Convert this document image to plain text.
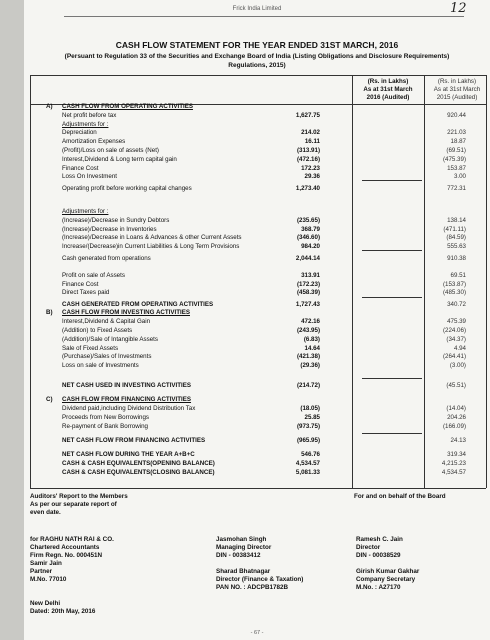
Frick India Limited	12
CASH FLOW STATEMENT FOR THE YEAR ENDED 31ST MARCH, 2016
(Persuant to Regulation 33 of the Securities and Exchange Board of India (Listing Obligations and Disclosure Requirements)
Regulations, 2015)
(Rs. in Lakhs)
As at 31st March
2016 (Audited)
(Rs. in Lakhs)
As at 31st March
2015 (Audited)
A)
B)
C)
CASH FLOW FROM OPERATING ACTIVITIES
Net profit before tax	1,627.75	920.44
Adjustments for :
Depreciation	214.02	221.03
Amortization Expenses	16.11	18.87
(Profit)/Loss on sale of assets (Net)	(313.91)	(69.51)
Interest,Dividend & Long term capital gain	(472.16)	(475.39)
Finance Cost	172.23	153.87
Loss On Investment	29.36	3.00
Operating profit before working capital changes	1,273.40	772.31
Adjustments for :
(Increase)/Decrease in Sundry Debtors	(235.65)	138.14
(Increase)/Decrease in Inventories	368.79	(471.11)
(Increase)/Decrease in Loans & Advances & other Current Assets	(346.60)	(84.59)
Increase/(Decrease)in Current Liabilities & Long Term Provisions	984.20	555.63
Cash generated from operations	2,044.14	910.38
Profit on sale of Assets	313.91	69.51
Finance Cost	(172.23)	(153.87)
Direct Taxes paid	(458.39)	(485.30)
CASH GENERATED FROM OPERATING ACTIVITIES	1,727.43	340.72
CASH FLOW FROM INVESTING ACTIVITIES
Interest,Dividend & Capital Gain	472.16	475.39
(Addition) to Fixed Assets	(243.95)	(224.06)
(Addition)/Sale of Intangible Assets	(6.83)	(34.37)
Sale of Fixed Assets	14.64	4.94
(Purchase)/Sales of Investments	(421.38)	(264.41)
Loss on sale of Investments	(29.36)	(3.00)
NET CASH USED IN INVESTING ACTIVITIES	(214.72)	(45.51)
CASH FLOW FROM FINANCING ACTIVITIES
Dividend paid,including Dividend Distribution Tax	(18.05)	(14.04)
Proceeds from New Borrowings	25.85	204.26
Re-payment of Bank Borrowing	(973.75)	(166.09)
NET CASH FLOW FROM FINANCING ACTIVITIES	(965.95)	24.13
NET CASH FLOW DURING THE YEAR A+B+C	546.76	319.34
CASH & CASH EQUIVALENTS(OPENING BALANCE)	4,534.57	4,215.23
CASH & CASH EQUIVALENTS(CLOSING BALANCE)	5,081.33	4,534.57
Auditors' Report to the Members
As per our separate report of
even date.
For and on behalf of the Board
for RAGHU NATH RAI & CO.
Chartered Accountants
Firm Regn. No. 000451N
Jasmohan Singh
Managing Director
DIN - 00383412
Ramesh C. Jain
Director
DIN - 00038529
Samir Jain
Partner
M.No. 77010
Sharad Bhatnagar
Director (Finance & Taxation)
PAN NO. : ADCPB1782B
Girish Kumar Gakhar
Company Secretary
M.No. : A27170
New Delhi
Dated: 20th May, 2016
- 67 -
